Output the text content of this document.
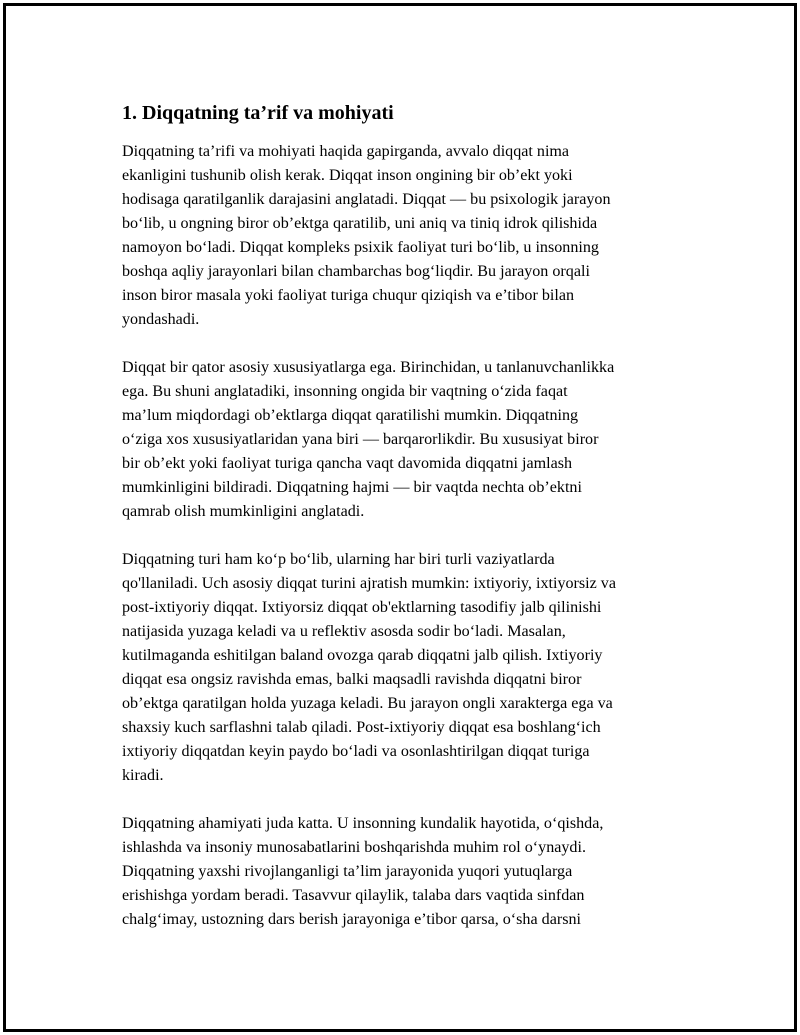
1. Diqqatning ta’rif va mohiyati

Diqqatning ta’rifi va mohiyati haqida gapirganda, avvalo diqqat nima
ekanligini tushunib olish kerak. Diqqat inson ongining bir ob’ekt yoki
hodisaga qaratilganlik darajasini anglatadi. Diqqat — bu psixologik jarayon
bo‘lib, u ongning biror ob’ektga qaratilib, uni aniq va tiniq idrok qilishida
namoyon bo‘ladi. Diqqat kompleks psixik faoliyat turi bo‘lib, u insonning
boshqa aqliy jarayonlari bilan chambarchas bog‘liqdir. Bu jarayon orqali
inson biror masala yoki faoliyat turiga chuqur qiziqish va e’tibor bilan
yondashadi.

Diqqat bir qator asosiy xususiyatlarga ega. Birinchidan, u tanlanuvchanlikka
ega. Bu shuni anglatadiki, insonning ongida bir vaqtning o‘zida faqat
ma’lum miqdordagi ob’ektlarga diqqat qaratilishi mumkin. Diqqatning
o‘ziga xos xususiyatlaridan yana biri — barqarorlikdir. Bu xususiyat biror
bir ob’ekt yoki faoliyat turiga qancha vaqt davomida diqqatni jamlash
mumkinligini bildiradi. Diqqatning hajmi — bir vaqtda nechta ob’ektni
qamrab olish mumkinligini anglatadi.

Diqqatning turi ham ko‘p bo‘lib, ularning har biri turli vaziyatlarda
qo'llaniladi. Uch asosiy diqqat turini ajratish mumkin: ixtiyoriy, ixtiyorsiz va
post-ixtiyoriy diqqat. Ixtiyorsiz diqqat ob'ektlarning tasodifiy jalb qilinishi
natijasida yuzaga keladi va u reflektiv asosda sodir bo‘ladi. Masalan,
kutilmaganda eshitilgan baland ovozga qarab diqqatni jalb qilish. Ixtiyoriy
diqqat esa ongsiz ravishda emas, balki maqsadli ravishda diqqatni biror
ob’ektga qaratilgan holda yuzaga keladi. Bu jarayon ongli xarakterga ega va
shaxsiy kuch sarflashni talab qiladi. Post-ixtiyoriy diqqat esa boshlang‘ich
ixtiyoriy diqqatdan keyin paydo bo‘ladi va osonlashtirilgan diqqat turiga
kiradi.

Diqqatning ahamiyati juda katta. U insonning kundalik hayotida, o‘qishda,
ishlashda va insoniy munosabatlarini boshqarishda muhim rol o‘ynaydi.
Diqqatning yaxshi rivojlanganligi ta’lim jarayonida yuqori yutuqlarga
erishishga yordam beradi. Tasavvur qilaylik, talaba dars vaqtida sinfdan
chalg‘imay, ustozning dars berish jarayoniga e’tibor qarsa, o‘sha darsni
